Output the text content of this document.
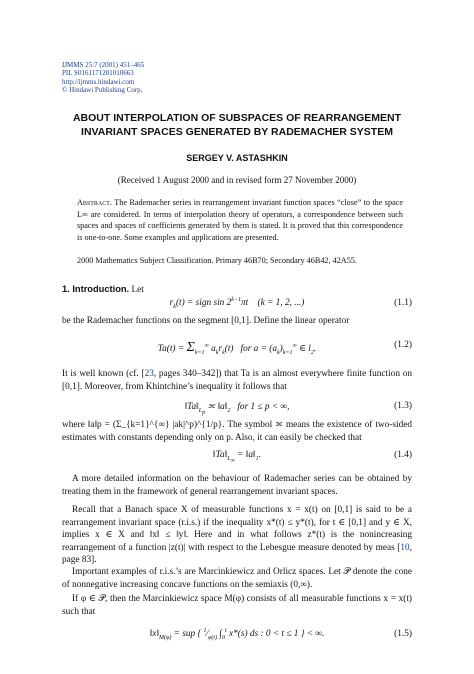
IJMMS 25:7 (2001) 451–465
PII. S0161171201010663
http://ijmms.hindawi.com
© Hindawi Publishing Corp.
ABOUT INTERPOLATION OF SUBSPACES OF REARRANGEMENT
INVARIANT SPACES GENERATED BY RADEMACHER SYSTEM
SERGEY V. ASTASHKIN
(Received 1 August 2000 and in revised form 27 November 2000)
Abstract. The Rademacher series in rearrangement invariant function spaces “close” to the space L∞ are considered. In terms of interpolation theory of operators, a correspondence between such spaces and spaces of coefficients generated by them is stated. It is proved that this correspondence is one-to-one. Some examples and applications are presented.
2000 Mathematics Subject Classification. Primary 46B70; Secondary 46B42, 42A55.
1. Introduction. Let
$r_k(t)$ = sign $\sin 2^{k-1}\pi t$    (k = 1, 2, ...)	(1.1)
be the Rademacher functions on the segment [0,1]. Define the linear operator
$Ta(t) = \Sigma_{k=1}^\infty$ $a_kr_k(t)$   for $a = (a_k)_{k=1}^\infty$ ∈ $l_2$.	(1.2)
It is well known (cf. [23, pages 340–342]) that Ta is an almost everywhere finite function on [0,1]. Moreover, from Khintchine’s inequality it follows that
$‖Ta‖_{L_p}$ ≍ $‖a‖_2$   for 1 ≤ p < ∞,	(1.3)
where ‖a‖p = (Σ_{k=1}^{∞} |ak|^p)^{1/p}. The symbol ≍ means the existence of two-sided estimates with constants depending only on p. Also, it can easily be checked that
$‖Ta‖_{L_\infty}$ = $‖a‖_1$.	(1.4)
A more detailed information on the behaviour of Rademacher series can be obtained by treating them in the framework of general rearrangement invariant spaces.
Recall that a Banach space X of measurable functions x = x(t) on [0,1] is said to be a rearrangement invariant space (r.i.s.) if the inequality x*(t) ≤ y*(t), for t ∈ [0,1] and y ∈ X, implies x ∈ X and ‖x‖ ≤ ‖y‖. Here and in what follows z*(t) is the nonincreasing rearrangement of a function |z(t)| with respect to the Lebesgue measure denoted by meas [10, page 83].
Important examples of r.i.s.’s are Marcinkiewicz and Orlicz spaces. Let 𝒫 denote the cone of nonnegative increasing concave functions on the semiaxis (0,∞).
If φ ∈ 𝒫, then the Marcinkiewicz space M(φ) consists of all measurable functions x = x(t) such that
$‖x‖_{M(\varphi)}$ = sup { $^1⁄_{\varphi(t)}$ $\int_0^t$ x*(s) ds : 0 < t ≤ 1 } < ∞.	(1.5)
